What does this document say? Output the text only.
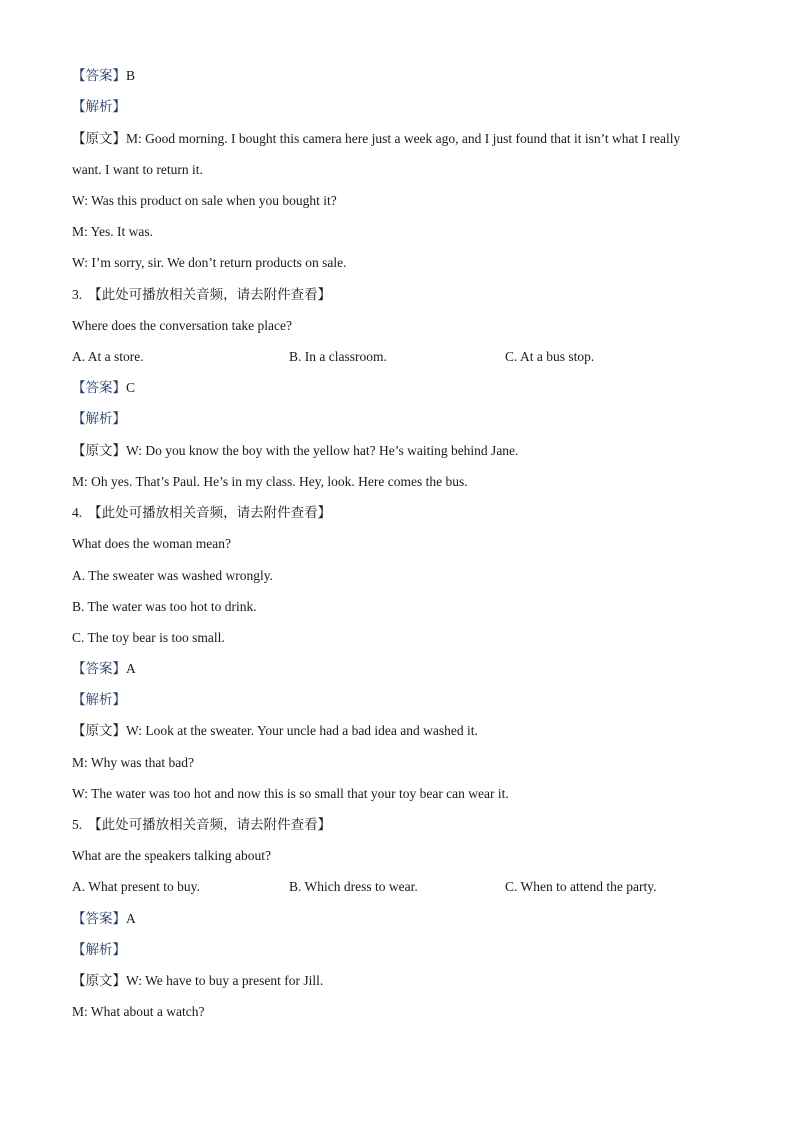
【答案】B
【解析】
【原文】M: Good morning. I bought this camera here just a week ago, and I just found that it isn’t what I really
want. I want to return it.
W: Was this product on sale when you bought it?
M: Yes. It was.
W: I’m sorry, sir. We don’t return products on sale.
3. 【此处可播放相关音频，请去附件查看】
Where does the conversation take place?
A. At a store.	B. In a classroom.	C. At a bus stop.
【答案】C
【解析】
【原文】W: Do you know the boy with the yellow hat? He’s waiting behind Jane.
M: Oh yes. That’s Paul. He’s in my class. Hey, look. Here comes the bus.
4. 【此处可播放相关音频，请去附件查看】
What does the woman mean?
A. The sweater was washed wrongly.
B. The water was too hot to drink.
C. The toy bear is too small.
【答案】A
【解析】
【原文】W: Look at the sweater. Your uncle had a bad idea and washed it.
M: Why was that bad?
W: The water was too hot and now this is so small that your toy bear can wear it.
5. 【此处可播放相关音频，请去附件查看】
What are the speakers talking about?
A. What present to buy.	B. Which dress to wear.	C. When to attend the party.
【答案】A
【解析】
【原文】W: We have to buy a present for Jill.
M: What about a watch?
